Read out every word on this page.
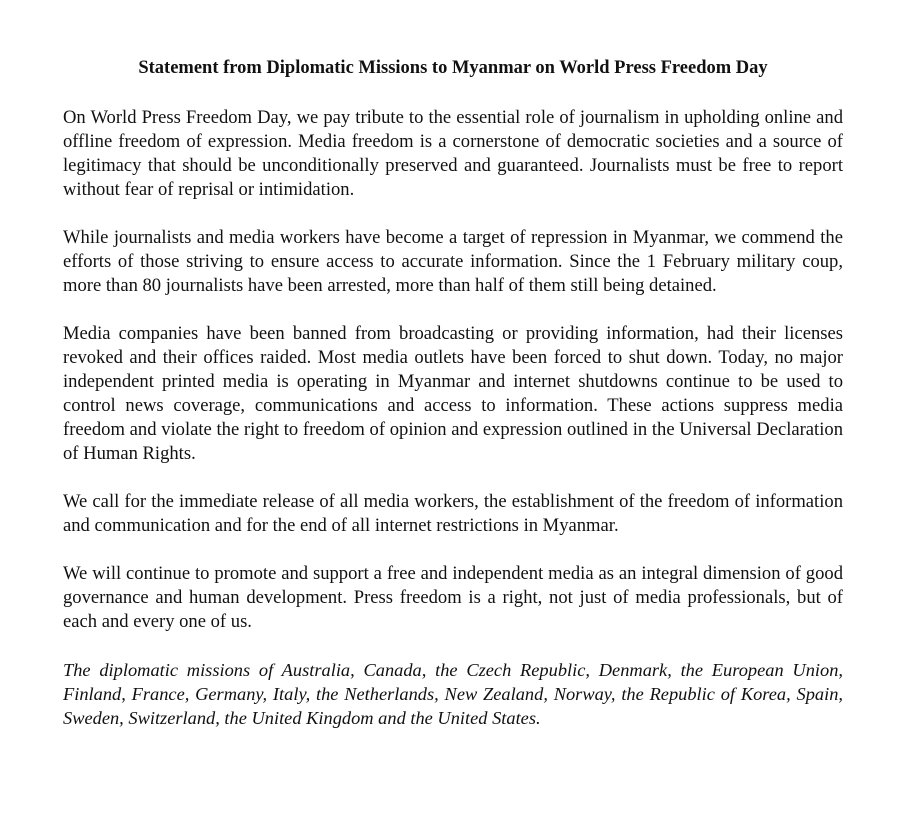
Statement from Diplomatic Missions to Myanmar on World Press Freedom Day

On World Press Freedom Day, we pay tribute to the essential role of journalism in upholding online and offline freedom of expression. Media freedom is a cornerstone of democratic societies and a source of legitimacy that should be unconditionally preserved and guaranteed. Journalists must be free to report without fear of reprisal or intimidation.

While journalists and media workers have become a target of repression in Myanmar, we commend the efforts of those striving to ensure access to accurate information. Since the 1 February military coup, more than 80 journalists have been arrested, more than half of them still being detained.

Media companies have been banned from broadcasting or providing information, had their licenses revoked and their offices raided. Most media outlets have been forced to shut down. Today, no major independent printed media is operating in Myanmar and internet shutdowns continue to be used to control news coverage, communications and access to information. These actions suppress media freedom and violate the right to freedom of opinion and expression outlined in the Universal Declaration of Human Rights.

We call for the immediate release of all media workers, the establishment of the freedom of information and communication and for the end of all internet restrictions in Myanmar.

We will continue to promote and support a free and independent media as an integral dimension of good governance and human development. Press freedom is a right, not just of media professionals, but of each and every one of us.

The diplomatic missions of Australia, Canada, the Czech Republic, Denmark, the European Union, Finland, France, Germany, Italy, the Netherlands, New Zealand, Norway, the Republic of Korea, Spain, Sweden, Switzerland, the United Kingdom and the United States.
